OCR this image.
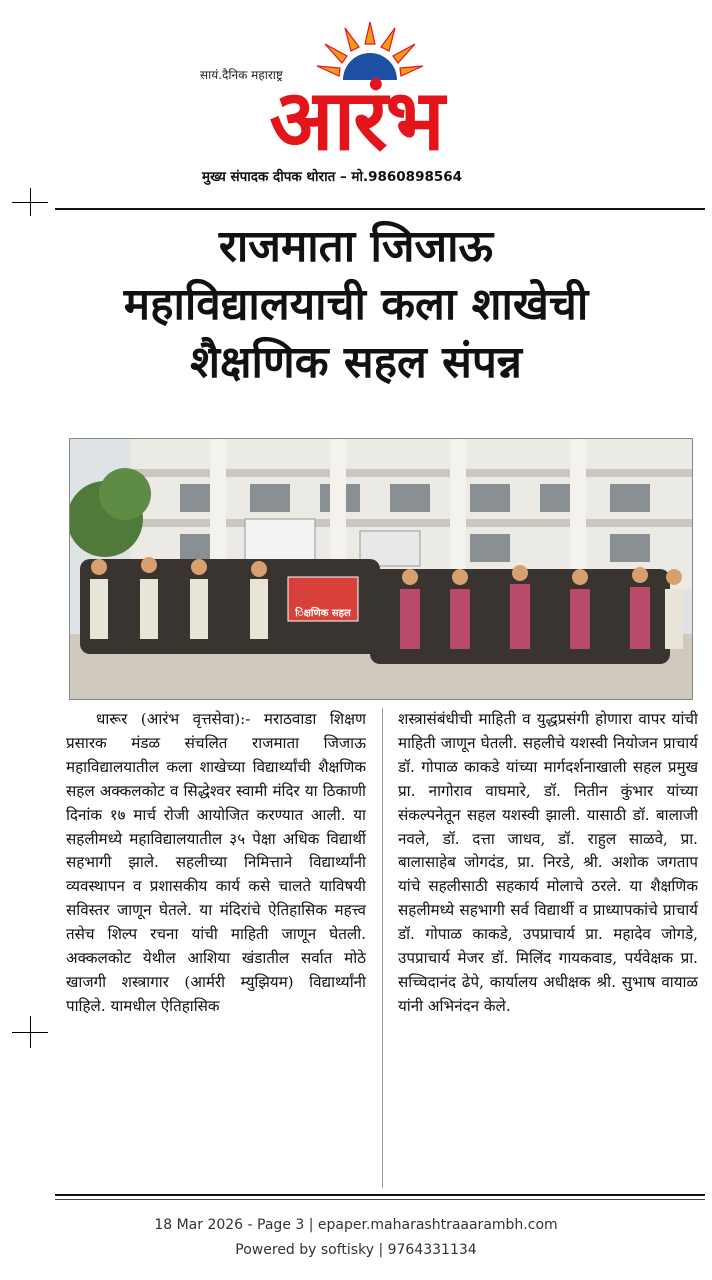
सायं.दैनिक महाराष्ट्र
आरंभ
मुख्य संपादक दीपक थोरात – मो.9860898564
राजमाता जिजाऊ
महाविद्यालयाची कला शाखेची
शैक्षणिक सहल संपन्न
िक्षणिक सहल

धारूर (आरंभ वृत्तसेवा):- मराठवाडा शिक्षण प्रसारक मंडळ संचलित राजमाता जिजाऊ महाविद्यालयातील कला शाखेच्या विद्यार्थ्यांची शैक्षणिक सहल अक्कलकोट व सिद्धेश्वर स्वामी मंदिर या ठिकाणी दिनांक १७ मार्च रोजी आयोजित करण्यात आली. या सहलीमध्ये महाविद्यालयातील ३५ पेक्षा अधिक विद्यार्थी सहभागी झाले. सहलीच्या निमित्ताने विद्यार्थ्यांनी व्यवस्थापन व प्रशासकीय कार्य कसे चालते याविषयी सविस्तर जाणून घेतले. या मंदिरांचे ऐतिहासिक महत्त्व तसेच शिल्प रचना यांची माहिती जाणून घेतली. अक्कलकोट येथील आशिया खंडातील सर्वात मोठे खाजगी शस्त्रागार (आर्मरी म्युझियम) विद्यार्थ्यांनी पाहिले. यामधील ऐतिहासिक

शस्त्रासंबंधीची माहिती व युद्धप्रसंगी होणारा वापर यांची माहिती जाणून घेतली. सहलीचे यशस्वी नियोजन प्राचार्य डॉ. गोपाळ काकडे यांच्या मार्गदर्शनाखाली सहल प्रमुख प्रा. नागोराव वाघमारे, डॉ. नितीन कुंभार यांच्या संकल्पनेतून सहल यशस्वी झाली. यासाठी डॉ. बालाजी नवले, डॉ. दत्ता जाधव, डॉ. राहुल साळवे, प्रा. बालासाहेब जोगदंड, प्रा. निरडे, श्री. अशोक जगताप यांचे सहलीसाठी सहकार्य मोलाचे ठरले. या शैक्षणिक सहलीमध्ये सहभागी सर्व विद्यार्थी व प्राध्यापकांचे प्राचार्य डॉ. गोपाळ काकडे, उपप्राचार्य प्रा. महादेव जोगडे, उपप्राचार्य मेजर डॉ. मिलिंद गायकवाड, पर्यवेक्षक प्रा. सच्चिदानंद ढेपे, कार्यालय अधीक्षक श्री. सुभाष वायाळ यांनी अभिनंदन केले.

18 Mar 2026 - Page 3 | epaper.maharashtraaarambh.com
Powered by softisky | 9764331134
